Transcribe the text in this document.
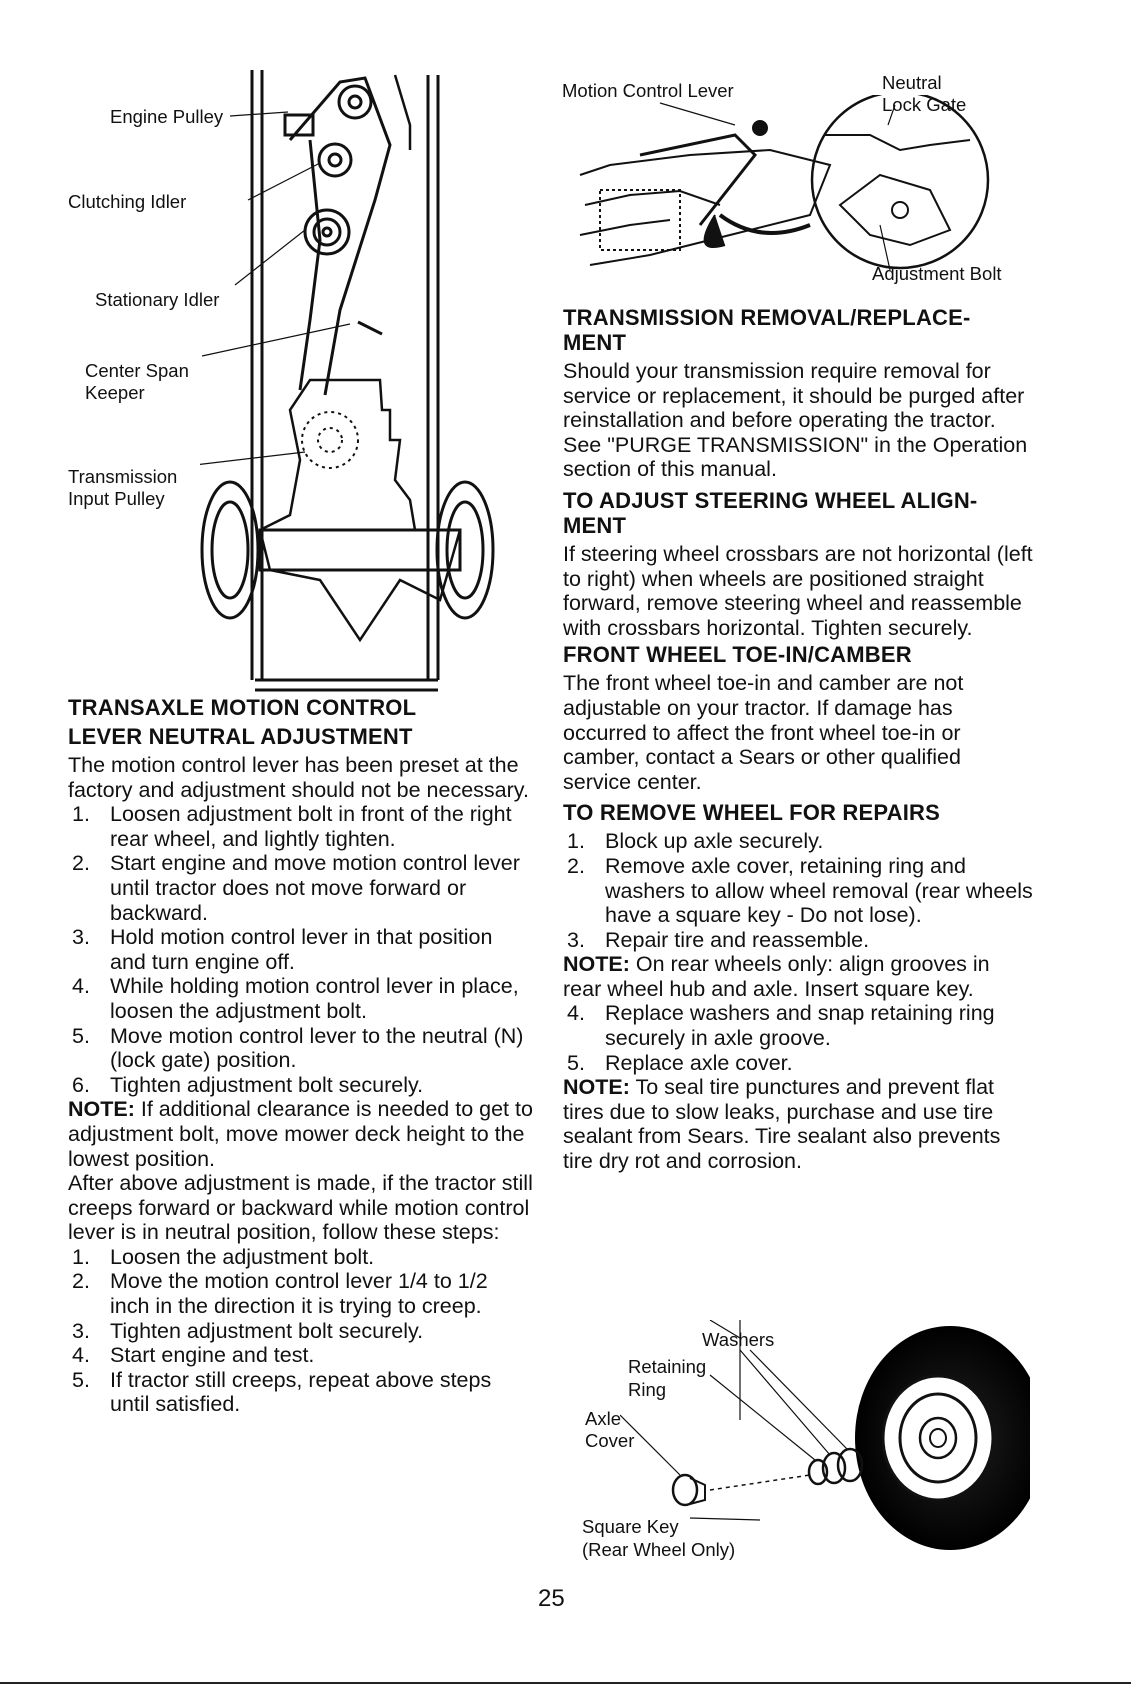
Engine Pulley
Clutching Idler
Stationary Idler
Center Span
Keeper
Transmission
Input Pulley
Motion Control Lever	Neutral
Lock Gate
Adjustment Bolt
TRANSAXLE MOTION CONTROL
LEVER NEUTRAL ADJUSTMENT

The motion control lever has been preset at the factory and adjustment should not be necessary.

1. Loosen adjustment bolt in front of the right rear wheel, and lightly tighten.
2. Start engine and move motion control lever until tractor does not move forward or backward.
3. Hold motion control lever in that position and turn engine off.
4. While holding motion control lever in place, loosen the adjustment bolt.
5. Move motion control lever to the neutral (N) (lock gate) position.
6. Tighten adjustment bolt securely.

NOTE: If additional clearance is needed to get to adjustment bolt, move mower deck height to the lowest position.

After above adjustment is made, if the tractor still creeps forward or backward while motion control lever is in neutral position, follow these steps:

1. Loosen the adjustment bolt.
2. Move the motion control lever 1/4 to 1/2 inch in the direction it is trying to creep.
3. Tighten adjustment bolt securely.
4. Start engine and test.
5. If tractor still creeps, repeat above steps until satisfied.
TRANSMISSION REMOVAL/REPLACE-
MENT

Should your transmission require removal for service or replacement, it should be purged after reinstallation and before operating the tractor. See "PURGE TRANSMISSION" in the Operation section of this manual.

TO ADJUST STEERING WHEEL ALIGN-
MENT

If steering wheel crossbars are not horizontal (left to right) when wheels are positioned straight forward, remove steering wheel and reassemble with crossbars horizontal. Tighten securely.

FRONT WHEEL TOE-IN/CAMBER

The front wheel toe-in and camber are not adjustable on your tractor. If damage has occurred to affect the front wheel toe-in or camber, contact a Sears or other qualified service center.

TO REMOVE WHEEL FOR REPAIRS
1. Block up axle securely.
2. Remove axle cover, retaining ring and washers to allow wheel removal (rear wheels have a square key - Do not lose).
3. Repair tire and reassemble.

NOTE: On rear wheels only: align grooves in rear wheel hub and axle. Insert square key.

4. Replace washers and snap retaining ring securely in axle groove.
5. Replace axle cover.

NOTE: To seal tire punctures and prevent flat tires due to slow leaks, purchase and use tire sealant from Sears. Tire sealant also prevents tire dry rot and corrosion.

Washers
Retaining
Ring
Axle
Cover
Square Key
(Rear Wheel Only)
25
